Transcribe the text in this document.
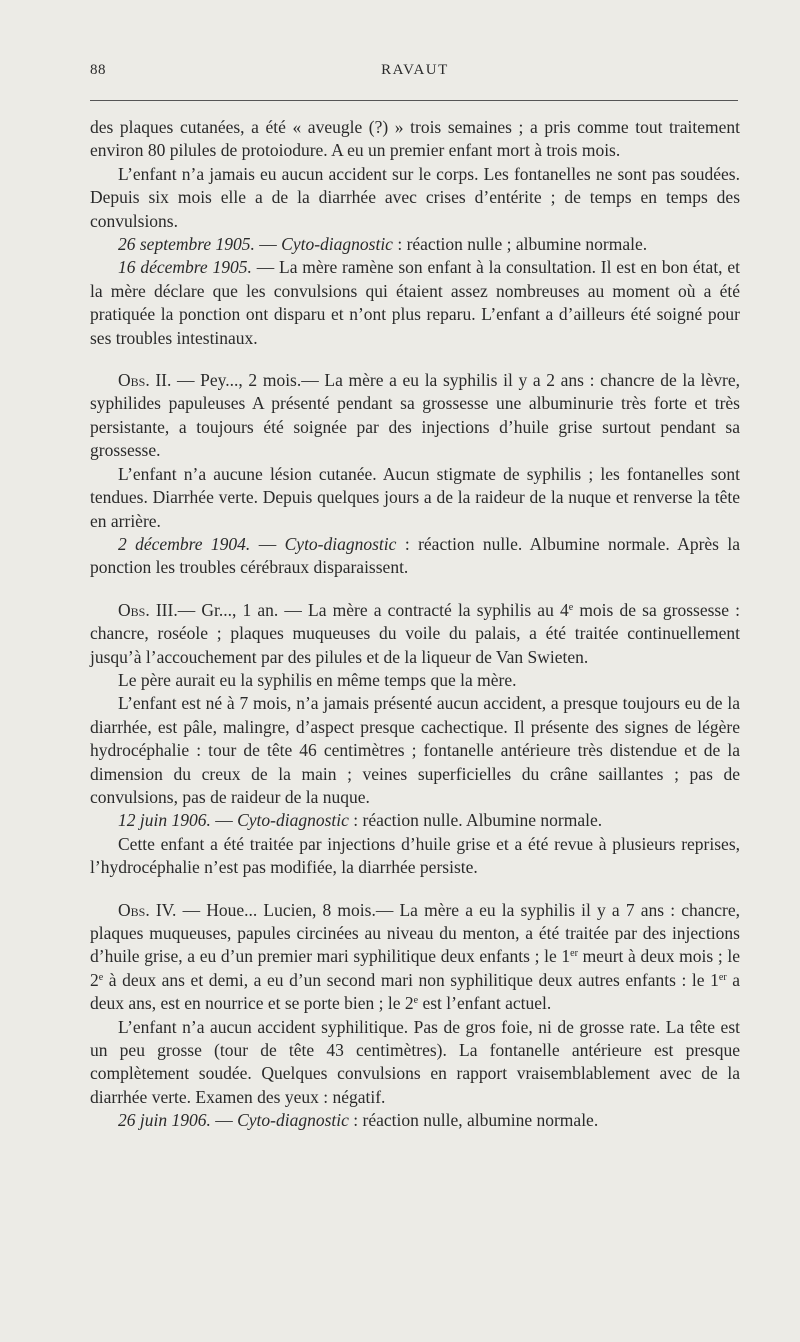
88	RAVAUT

des plaques cutanées, a été « aveugle (?) » trois semaines ; a pris comme tout traitement environ 80 pilules de protoiodure. A eu un premier enfant mort à trois mois.

L’enfant n’a jamais eu aucun accident sur le corps. Les fontanelles ne sont pas soudées. Depuis six mois elle a de la diarrhée avec crises d’entérite ; de temps en temps des convulsions.

26 septembre 1905. — Cyto-diagnostic : réaction nulle ; albumine normale.

16 décembre 1905. — La mère ramène son enfant à la consultation. Il est en bon état, et la mère déclare que les convulsions qui étaient assez nombreuses au moment où a été pratiquée la ponction ont disparu et n’ont plus reparu. L’enfant a d’ailleurs été soigné pour ses troubles intestinaux.

Obs. II. — Pey..., 2 mois.— La mère a eu la syphilis il y a 2 ans : chancre de la lèvre, syphilides papuleuses A présenté pendant sa grossesse une albuminurie très forte et très persistante, a toujours été soignée par des injections d’huile grise surtout pendant sa grossesse.

L’enfant n’a aucune lésion cutanée. Aucun stigmate de syphilis ; les fontanelles sont tendues. Diarrhée verte. Depuis quelques jours a de la raideur de la nuque et renverse la tête en arrière.

2 décembre 1904. — Cyto-diagnostic : réaction nulle. Albumine normale. Après la ponction les troubles cérébraux disparaissent.

Obs. III.— Gr..., 1 an. — La mère a contracté la syphilis au 4e mois de sa grossesse : chancre, roséole ; plaques muqueuses du voile du palais, a été traitée continuellement jusqu’à l’accouchement par des pilules et de la liqueur de Van Swieten.

Le père aurait eu la syphilis en même temps que la mère.

L’enfant est né à 7 mois, n’a jamais présenté aucun accident, a presque toujours eu de la diarrhée, est pâle, malingre, d’aspect presque cachectique. Il présente des signes de légère hydrocéphalie : tour de tête 46 centimètres ; fontanelle antérieure très distendue et de la dimension du creux de la main ; veines superficielles du crâne saillantes ; pas de convulsions, pas de raideur de la nuque.

12 juin 1906. — Cyto-diagnostic : réaction nulle. Albumine normale.

Cette enfant a été traitée par injections d’huile grise et a été revue à plusieurs reprises, l’hydrocéphalie n’est pas modifiée, la diarrhée persiste.

Obs. IV. — Houe... Lucien, 8 mois.— La mère a eu la syphilis il y a 7 ans : chancre, plaques muqueuses, papules circinées au niveau du menton, a été traitée par des injections d’huile grise, a eu d’un premier mari syphilitique deux enfants ; le 1er meurt à deux mois ; le 2e à deux ans et demi, a eu d’un second mari non syphilitique deux autres enfants : le 1er a deux ans, est en nourrice et se porte bien ; le 2e est l’enfant actuel.

L’enfant n’a aucun accident syphilitique. Pas de gros foie, ni de grosse rate. La tête est un peu grosse (tour de tête 43 centimètres). La fontanelle antérieure est presque complètement soudée. Quelques convulsions en rapport vraisemblablement avec de la diarrhée verte. Examen des yeux : négatif.

26 juin 1906. — Cyto-diagnostic : réaction nulle, albumine normale.
